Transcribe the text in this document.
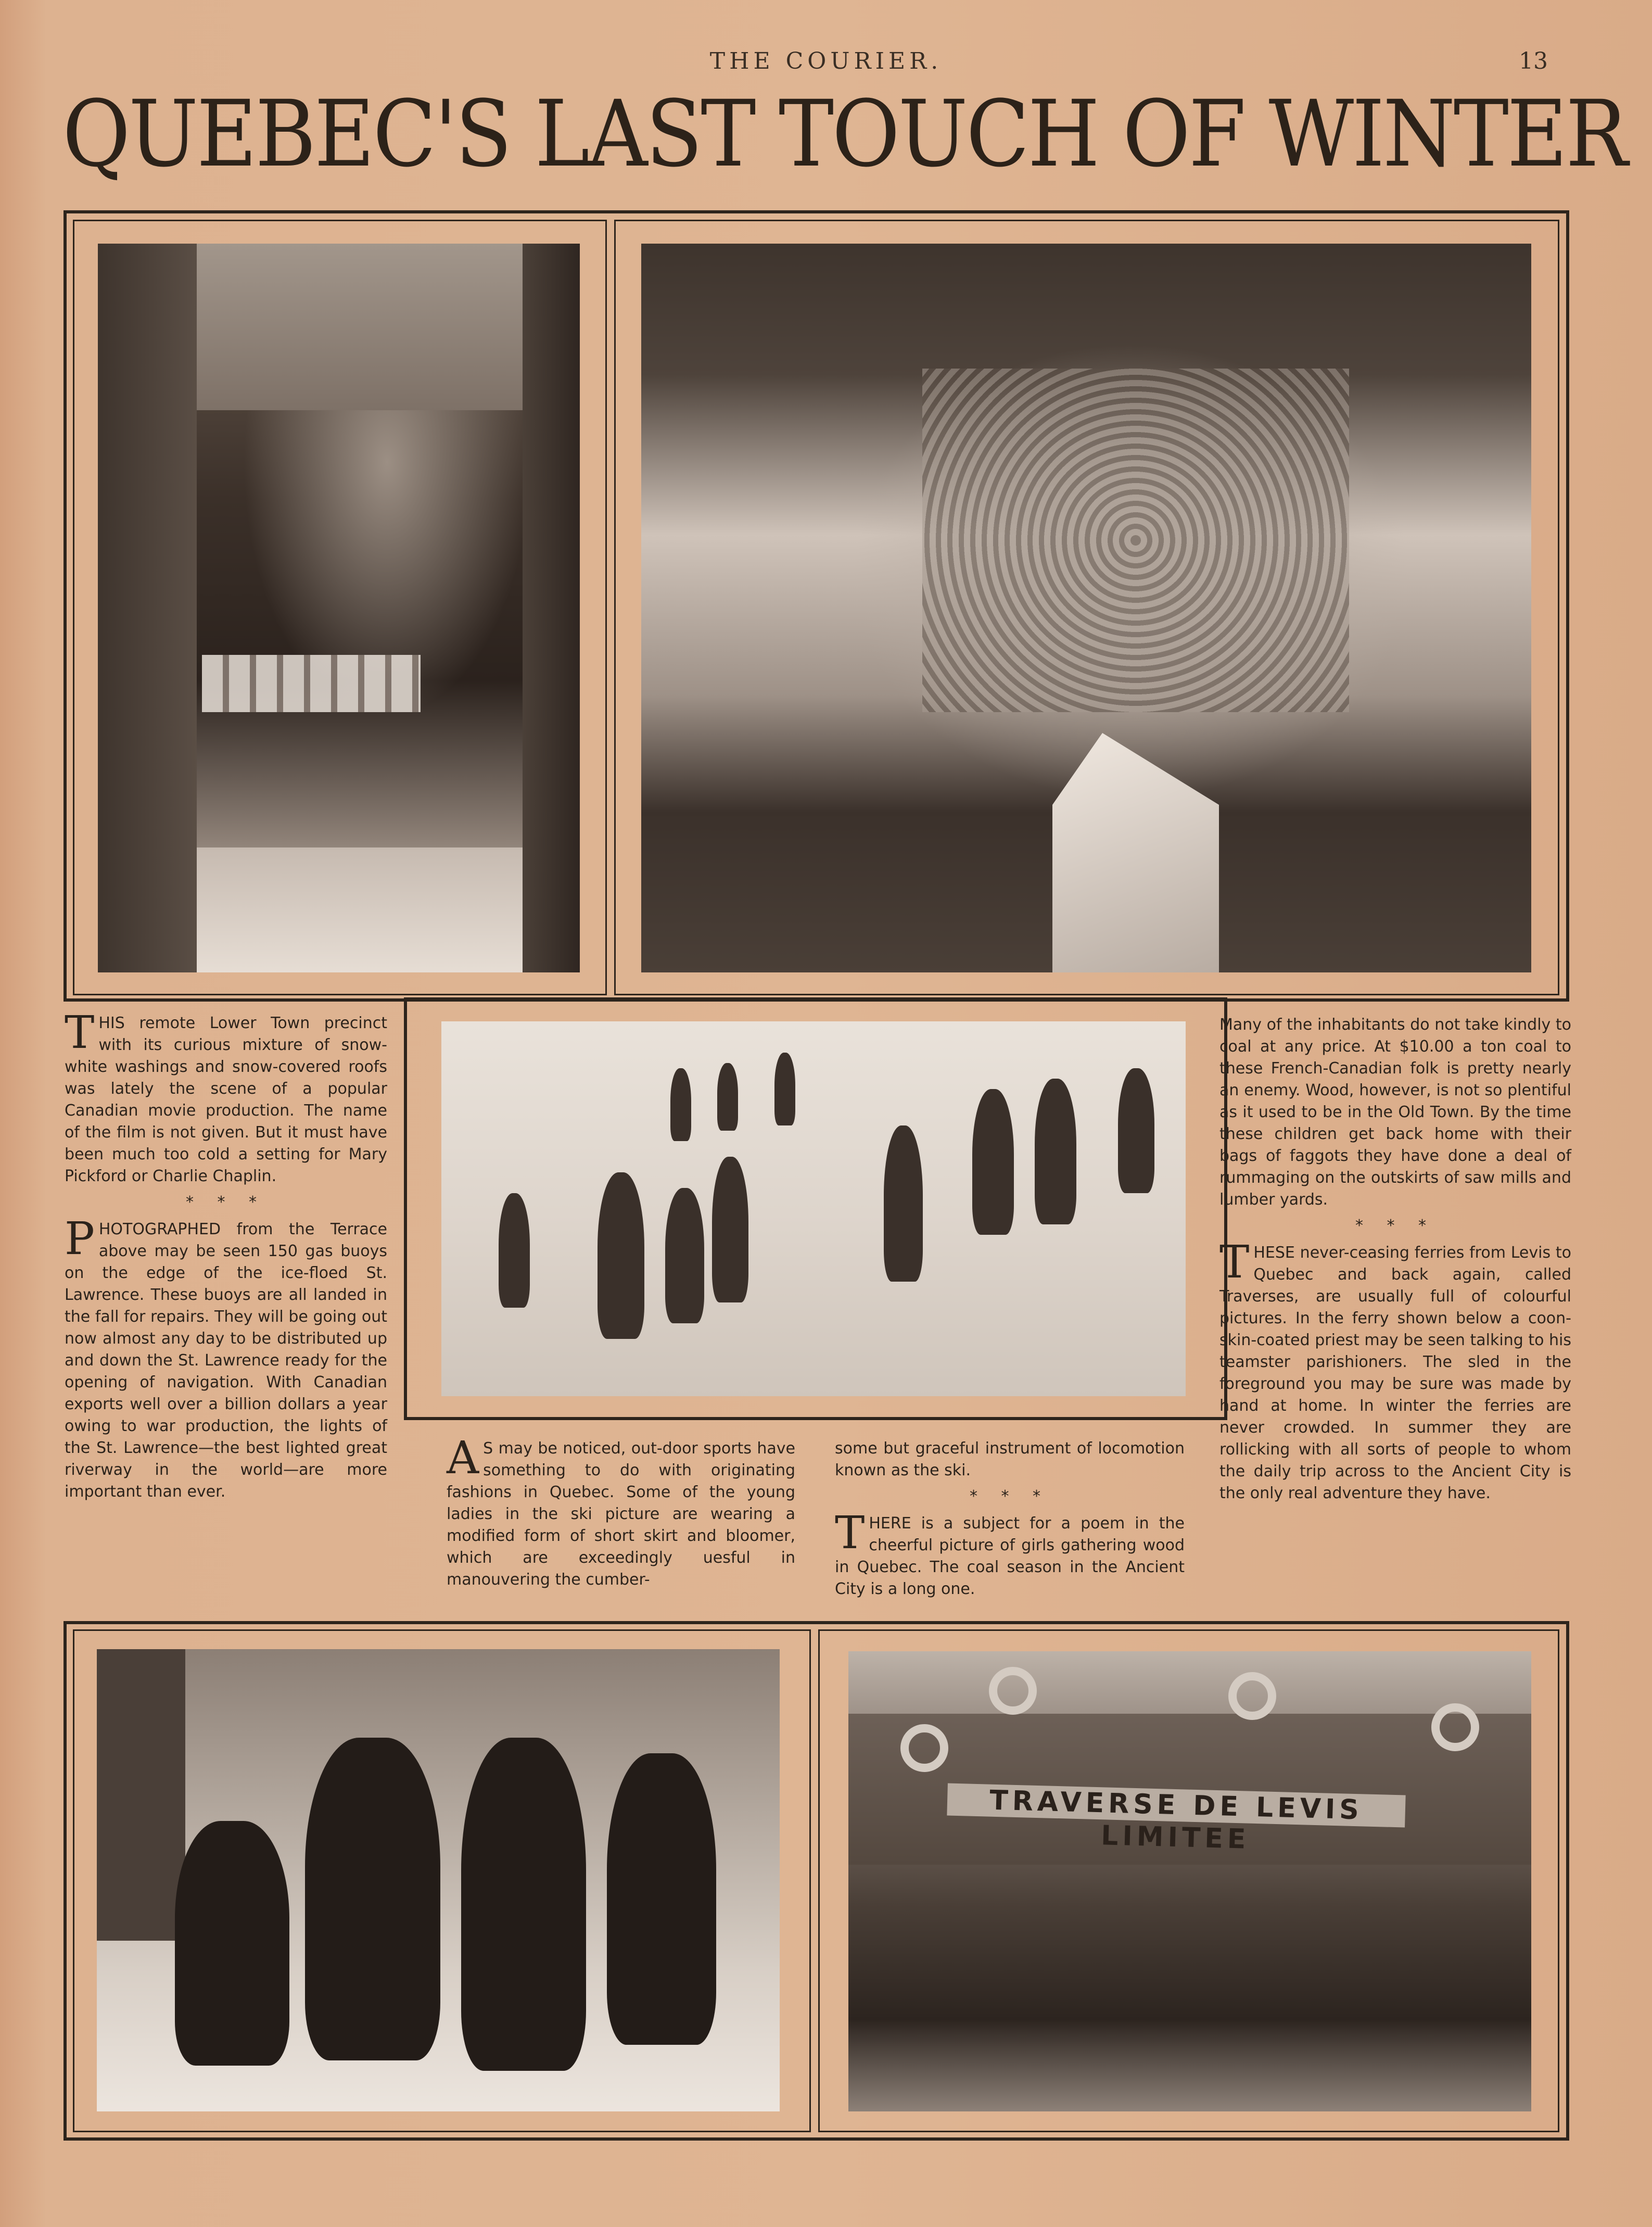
THE COURIER.	13
QUEBEC'S LAST TOUCH OF WINTER
TRAVERSE DE LEVIS LIMITEE

THIS remote Lower Town precinct with its curious mixture of snow-white washings and snow-covered roofs was lately the scene of a popular Canadian movie production. The name of the film is not given. But it must have been much too cold a setting for Mary Pickford or Charlie Chaplin.

* * *

PHOTOGRAPHED from the Terrace above may be seen 150 gas buoys on the edge of the ice-floed St. Lawrence. These buoys are all landed in the fall for repairs. They will be going out now almost any day to be distributed up and down the St. Lawrence ready for the opening of navigation. With Canadian exports well over a billion dollars a year owing to war production, the lights of the St. Lawrence—the best lighted great riverway in the world—are more important than ever.

A S may be noticed, out-door sports have something to do with originating fashions in Quebec. Some of the young ladies in the ski picture are wearing a modified form of short skirt and bloomer, which are exceedingly uesful in manouvering the cumber-

some but graceful instrument of locomotion known as the ski.

* * *

THERE is a subject for a poem in the cheerful picture of girls gathering wood in Quebec. The coal season in the Ancient City is a long one.

Many of the inhabitants do not take kindly to coal at any price. At $10.00 a ton coal to these French-Canadian folk is pretty nearly an enemy. Wood, however, is not so plentiful as it used to be in the Old Town. By the time these children get back home with their bags of faggots they have done a deal of rummaging on the outskirts of saw mills and lumber yards.

* * *

THESE never-ceasing ferries from Levis to Quebec and back again, called Traverses, are usually full of colourful pictures. In the ferry shown below a coon-skin-coated priest may be seen talking to his teamster parishioners. The sled in the foreground you may be sure was made by hand at home. In winter the ferries are never crowded. In summer they are rollicking with all sorts of people to whom the daily trip across to the Ancient City is the only real adventure they have.
